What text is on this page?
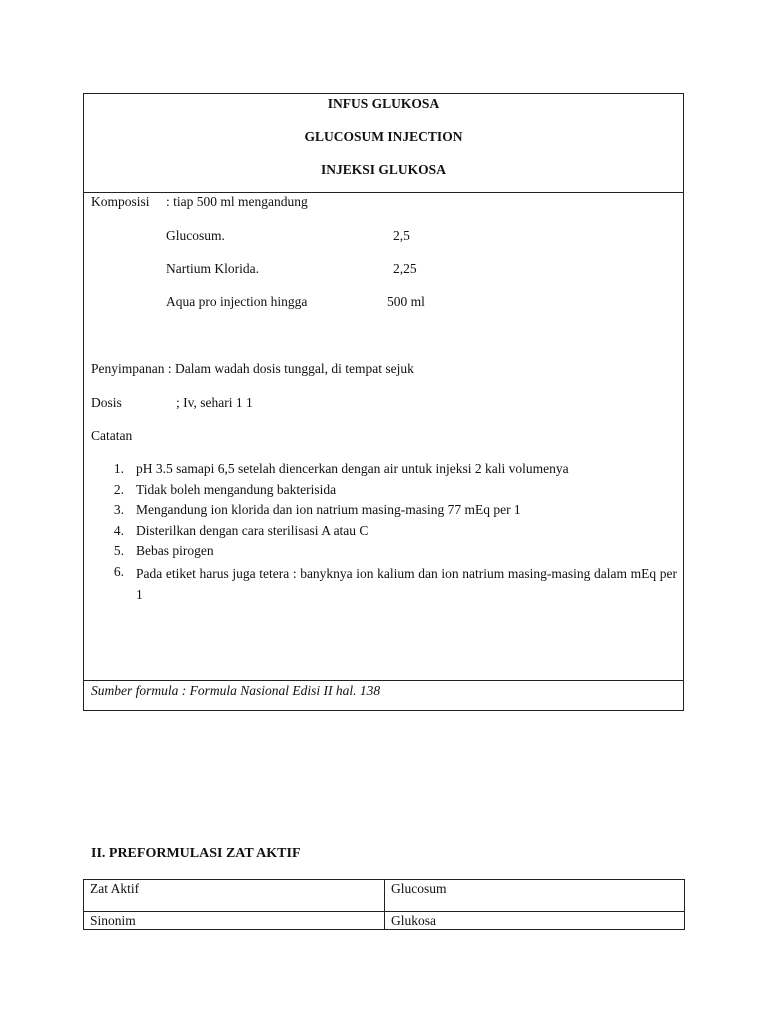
INFUS GLUKOSA
GLUCOSUM INJECTION
INJEKSI GLUKOSA
Komposisi : tiap 500 ml mengandung
Glucosum.	2,5
Nartium Klorida.	2,25
Aqua pro injection hingga	500 ml
Penyimpanan : Dalam wadah dosis tunggal, di tempat sejuk
Dosis	; Iv, sehari 1 1
Catatan
1. pH 3.5 samapi 6,5 setelah diencerkan dengan air untuk injeksi 2 kali volumenya
2. Tidak boleh mengandung bakterisida
3. Mengandung ion klorida dan ion natrium masing-masing 77 mEq per 1
4. Disterilkan dengan cara sterilisasi A atau C
5. Bebas pirogen
6. Pada etiket harus juga tetera : banyknya ion kalium dan ion natrium masing-masing dalam mEq per 1
Sumber formula : Formula Nasional Edisi II hal. 138
II. PREFORMULASI ZAT AKTIF
Zat Aktif	Glucosum
Sinonim	Glukosa
